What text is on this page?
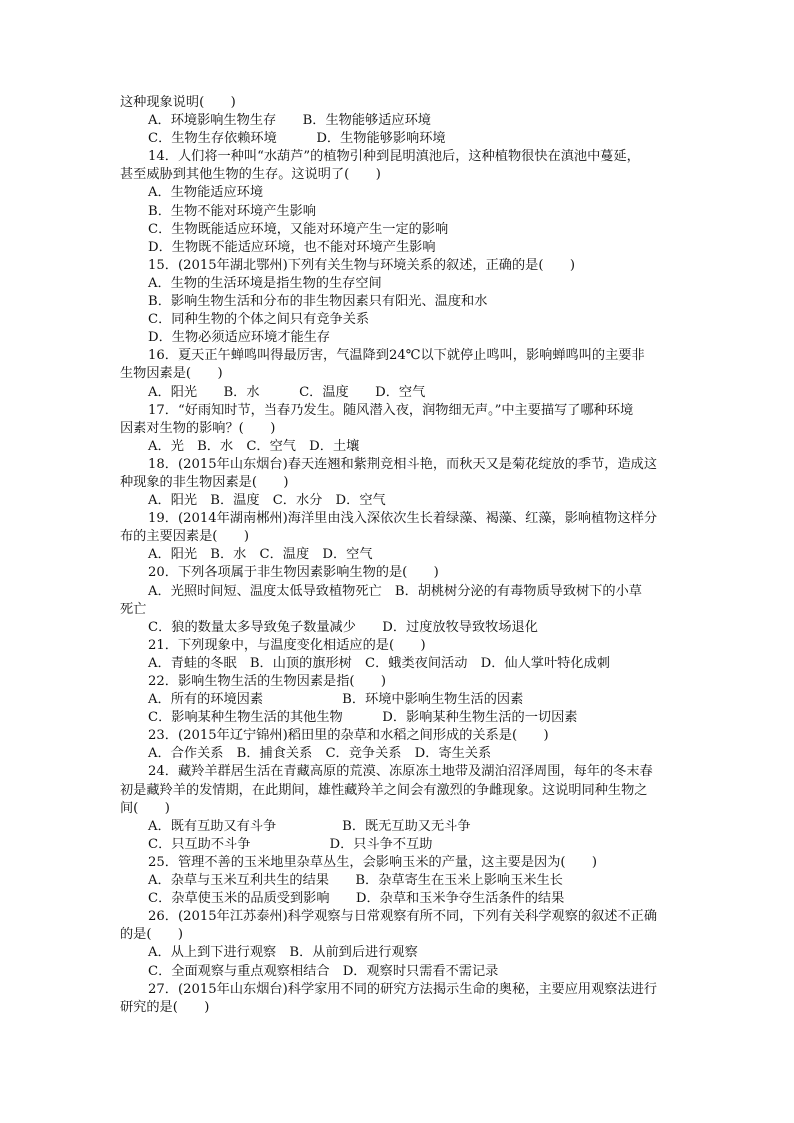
这种现象说明(　　)
A．环境影响生物生存　　B．生物能够适应环境
C．生物生存依赖环境　　　D．生物能够影响环境
14．人们将一种叫“水葫芦”的植物引种到昆明滇池后，这种植物很快在滇池中蔓延，
甚至威胁到其他生物的生存。这说明了(　　)
A．生物能适应环境
B．生物不能对环境产生影响
C．生物既能适应环境，又能对环境产生一定的影响
D．生物既不能适应环境，也不能对环境产生影响
15．(2015年湖北鄂州)下列有关生物与环境关系的叙述，正确的是(　　)
A．生物的生活环境是指生物的生存空间
B．影响生物生活和分布的非生物因素只有阳光、温度和水
C．同种生物的个体之间只有竞争关系
D．生物必须适应环境才能生存
16．夏天正午蝉鸣叫得最厉害，气温降到24℃以下就停止鸣叫，影响蝉鸣叫的主要非
生物因素是(　　)
A．阳光　　B．水　　　C．温度　　D．空气
17．“好雨知时节，当春乃发生。随风潜入夜，润物细无声。”中主要描写了哪种环境
因素对生物的影响？(　　)
A．光　B．水　C．空气　D．土壤
18．(2015年山东烟台)春天连翘和紫荆竞相斗艳，而秋天又是菊花绽放的季节，造成这
种现象的非生物因素是(　　)
A．阳光　B．温度　C．水分　D．空气
19．(2014年湖南郴州)海洋里由浅入深依次生长着绿藻、褐藻、红藻，影响植物这样分
布的主要因素是(　　)
A．阳光　B．水　C．温度　D．空气
20．下列各项属于非生物因素影响生物的是(　　)
A．光照时间短、温度太低导致植物死亡　B．胡桃树分泌的有毒物质导致树下的小草
死亡
C．狼的数量太多导致兔子数量减少　　D．过度放牧导致牧场退化
21．下列现象中，与温度变化相适应的是(　　)
A．青蛙的冬眠　B．山顶的旗形树　C．蛾类夜间活动　D．仙人掌叶特化成刺
22．影响生物生活的生物因素是指(　　)
A．所有的环境因素　　　　　　B．环境中影响生物生活的因素
C．影响某种生物生活的其他生物　　　D．影响某种生物生活的一切因素
23．(2015年辽宁锦州)稻田里的杂草和水稻之间形成的关系是(　　)
A．合作关系　B．捕食关系　C．竞争关系　D．寄生关系
24．藏羚羊群居生活在青藏高原的荒漠、冻原冻土地带及湖泊沼泽周围，每年的冬末春
初是藏羚羊的发情期，在此期间，雄性藏羚羊之间会有激烈的争雌现象。这说明同种生物之
间(　　)
A．既有互助又有斗争　　　　　B．既无互助又无斗争
C．只互助不斗争　　　　　　D．只斗争不互助
25．管理不善的玉米地里杂草丛生，会影响玉米的产量，这主要是因为(　　)
A．杂草与玉米互利共生的结果　　B．杂草寄生在玉米上影响玉米生长
C．杂草使玉米的品质受到影响　　D．杂草和玉米争夺生活条件的结果
26．(2015年江苏泰州)科学观察与日常观察有所不同，下列有关科学观察的叙述不正确
的是(　　)
A．从上到下进行观察　B．从前到后进行观察
C．全面观察与重点观察相结合　D．观察时只需看不需记录
27．(2015年山东烟台)科学家用不同的研究方法揭示生命的奥秘，主要应用观察法进行
研究的是(　　)
